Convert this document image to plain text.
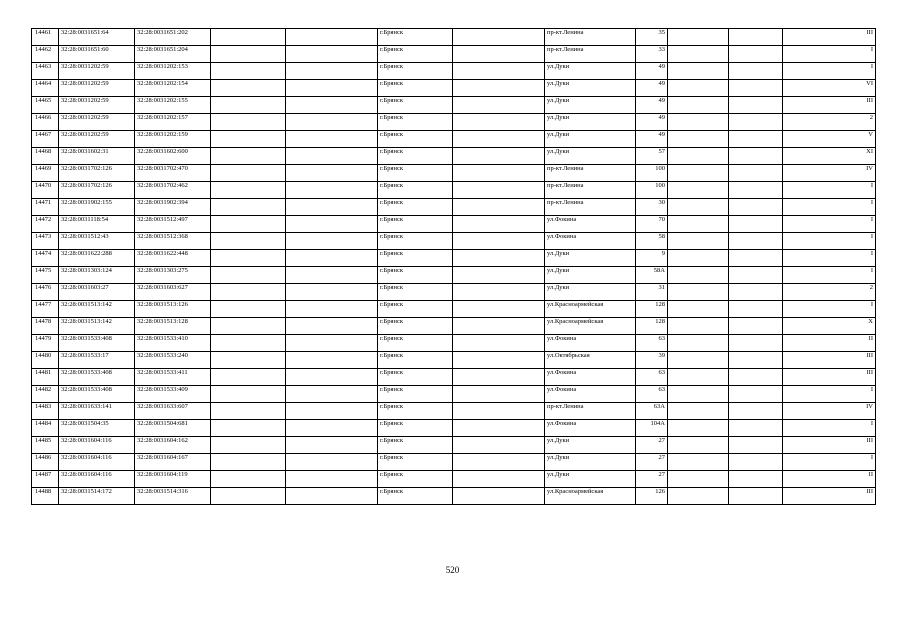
14461	32:28:0031651:64	32:28:0031651:202			г.Брянск		пр-кт.Ленина	35			III
14462	32:28:0031651:60	32:28:0031651:204			г.Брянск		пр-кт.Ленина	33			I
14463	32:28:0031202:59	32:28:0031202:153			г.Брянск		ул.Дуки	49			I
14464	32:28:0031202:59	32:28:0031202:154			г.Брянск		ул.Дуки	49			VI
14465	32:28:0031202:59	32:28:0031202:155			г.Брянск		ул.Дуки	49			III
14466	32:28:0031202:59	32:28:0031202:157			г.Брянск		ул.Дуки	49			2
14467	32:28:0031202:59	32:28:0031202:159			г.Брянск		ул.Дуки	49			V
14468	32:28:0031602:31	32:28:0031602:600			г.Брянск		ул.Дуки	57			XI
14469	32:28:0031702:126	32:28:0031702:470			г.Брянск		пр-кт.Ленина	100			IV
14470	32:28:0031702:126	32:28:0031702:462			г.Брянск		пр-кт.Ленина	100			I
14471	32:28:0031902:155	32:28:0031902:394			г.Брянск		пр-кт.Ленина	30			I
14472	32:28:0031118:54	32:28:0031512:497			г.Брянск		ул.Фокина	70			I
14473	32:28:0031512:43	32:28:0031512:368			г.Брянск		ул.Фокина	58			I
14474	32:28:0031622:288	32:28:0031622:448			г.Брянск		ул.Дуки	9			I
14475	32:28:0031303:124	32:28:0031303:275			г.Брянск		ул.Дуки	58А			I
14476	32:28:0031603:27	32:28:0031603:627			г.Брянск		ул.Дуки	31			2
14477	32:28:0031513:142	32:28:0031513:126			г.Брянск		ул.Красноармейская	128			I
14478	32:28:0031513:142	32:28:0031513:128			г.Брянск		ул.Красноармейская	128			X
14479	32:28:0031533:408	32:28:0031533:410			г.Брянск		ул.Фокина	63			II
14480	32:28:0031533:17	32:28:0031533:240			г.Брянск		ул.Октябрьская	39			III
14481	32:28:0031533:408	32:28:0031533:411			г.Брянск		ул.Фокина	63			III
14482	32:28:0031533:408	32:28:0031533:409			г.Брянск		ул.Фокина	63			I
14483	32:28:0031633:141	32:28:0031633:607			г.Брянск		пр-кт.Ленина	63А			IV
14484	32:28:0031504:35	32:28:0031504:681			г.Брянск		ул.Фокина	104А			I
14485	32:28:0031604:116	32:28:0031604:162			г.Брянск		ул.Дуки	27			III
14486	32:28:0031604:116	32:28:0031604:167			г.Брянск		ул.Дуки	27			I
14487	32:28:0031604:116	32:28:0031604:119			г.Брянск		ул.Дуки	27			II
14488	32:28:0031514:172	32:28:0031514:316			г.Брянск		ул.Красноармейская	126			III
520
